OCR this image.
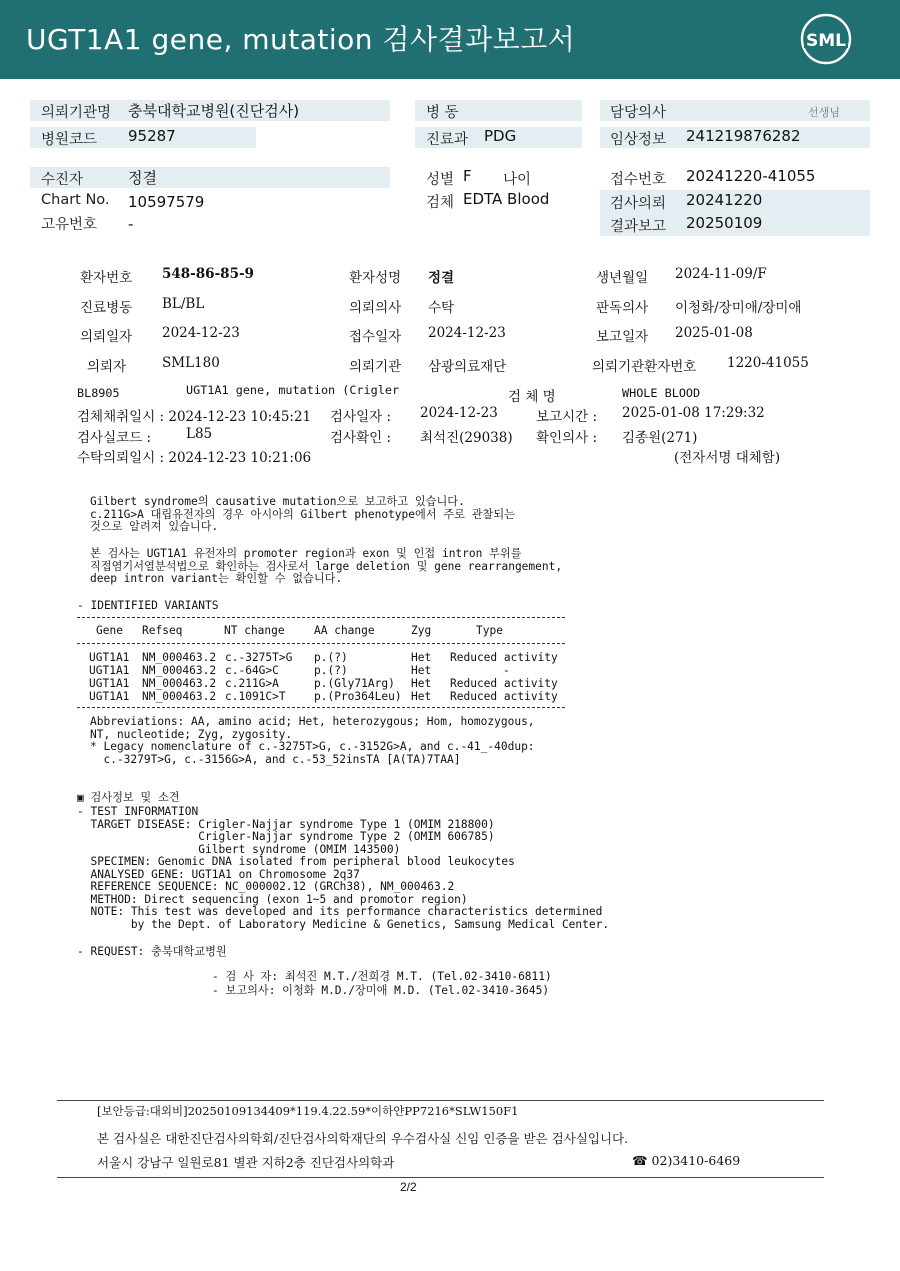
UGT1A1 gene, mutation 검사결과보고서	SML
의뢰기관명 충북대학교병원(진단검사)
병원코드 95287
병 동
진료과 PDG
담당의사	선생님
임상정보 241219876282
수진자	정결
Chart No. 10597579
고유번호 -
성별 F 나이
검체 EDTA Blood
접수번호 20241220-41055
검사의뢰 20241220
결과보고 20250109
환자번호 548-86-85-9	환자성명 정결	생년월일 2024-11-09/F
진료병동 BL/BL	의뢰의사 수탁	판독의사 이청화/장미애/장미애
의뢰일자 2024-12-23	접수일자 2024-12-23	보고일자 2025-01-08
의뢰자	SML180	의뢰기관 삼광의료재단	의뢰기관환자번호 1220-41055
BL8905	UGT1A1 gene, mutation (Crigler	검 체 명	WHOLE BLOOD
검체채취일시 : 2024-12-23 10:45:21 검사일자 : 2024-12-23	보고시간 : 2025-01-08 17:29:32
검사실코드 :	L85	검사확인 : 최석진(29038) 확인의사 : 김종원(271)
수탁의뢰일시 : 2024-12-23 10:21:06	(전자서명 대체함)
Gilbert syndrome의 causative mutation으로 보고하고 있습니다.
c.211G>A 대립유전자의 경우 아시아의 Gilbert phenotype에서 주로 관찰되는
것으로 알려져 있습니다.
본 검사는 UGT1A1 유전자의 promoter region과 exon 및 인접 intron 부위를
직접염기서열분석법으로 확인하는 검사로서 large deletion 및 gene rearrangement,
deep intron variant는 확인할 수 없습니다.
- IDENTIFIED VARIANTS
Gene Refseq	NT change	AA change	Zyg	Type
UGT1A1 NM_000463.2 c.-3275T>G p.(?)	Het Reduced activity
UGT1A1 NM_000463.2 c.-64G>C	p.(?)	Het	-
UGT1A1 NM_000463.2 c.211G>A	p.(Gly71Arg) Het Reduced activity
UGT1A1 NM_000463.2 c.1091C>T	p.(Pro364Leu) Het Reduced activity
Abbreviations: AA, amino acid; Het, heterozygous; Hom, homozygous,
NT, nucleotide; Zyg, zygosity.
* Legacy nomenclature of c.-3275T>G, c.-3152G>A, and c.-41_-40dup:
c.-3279T>G, c.-3156G>A, and c.-53_52insTA [A(TA)7TAA]
▣ 검사정보 및 소견
- TEST INFORMATION
TARGET DISEASE: Crigler-Najjar syndrome Type 1 (OMIM 218800)
Crigler-Najjar syndrome Type 2 (OMIM 606785)
Gilbert syndrome (OMIM 143500)
SPECIMEN: Genomic DNA isolated from peripheral blood leukocytes
ANALYSED GENE: UGT1A1 on Chromosome 2q37
REFERENCE SEQUENCE: NC_000002.12 (GRCh38), NM_000463.2
METHOD: Direct sequencing (exon 1~5 and promotor region)
NOTE: This test was developed and its performance characteristics determined
by the Dept. of Laboratory Medicine & Genetics, Samsung Medical Center.
- REQUEST: 충북대학교병원
- 검 사 자: 최석진 M.T./전희경 M.T. (Tel.02-3410-6811)
- 보고의사: 이청화 M.D./장미애 M.D. (Tel.02-3410-3645)
[보안등급:대외비]20250109134409*119.4.22.59*이하얀PP7216*SLW150F1
본 검사실은 대한진단검사의학회/진단검사의학재단의 우수검사실 신임 인증을 받은 검사실입니다.
서울시 강남구 일원로81 별관 지하2층 진단검사의학과	☎ 02)3410-6469
2/2
